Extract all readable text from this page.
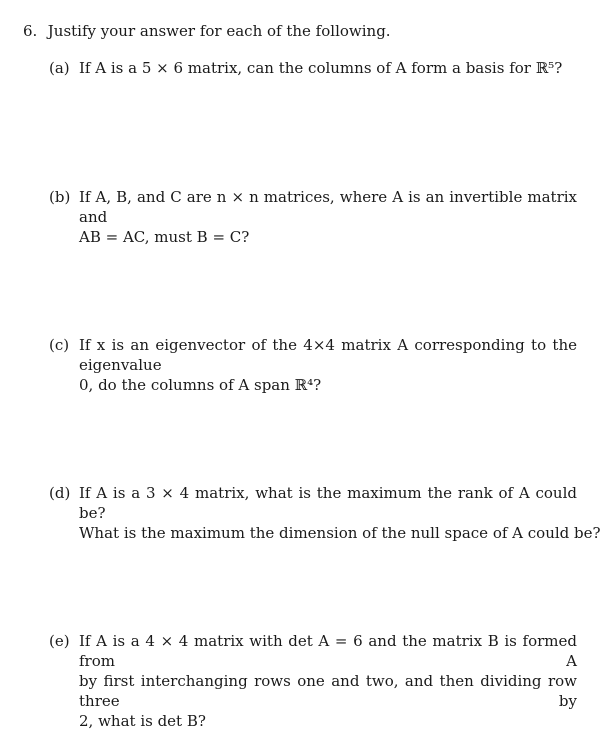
6. Justify your answer for each of the following.
(a) If A is a 5 × 6 matrix, can the columns of A form a basis for ℝ⁵?
(b) If A, B, and C are n × n matrices, where A is an invertible matrix and
AB = AC, must B = C?
(c) If x is an eigenvector of the 4×4 matrix A corresponding to the eigenvalue
0, do the columns of A span ℝ⁴?
(d) If A is a 3 × 4 matrix, what is the maximum the rank of A could be?
What is the maximum the dimension of the null space of A could be?
(e) If A is a 4 × 4 matrix with det A = 6 and the matrix B is formed from A
by first interchanging rows one and two, and then dividing row three by
2, what is det B?
